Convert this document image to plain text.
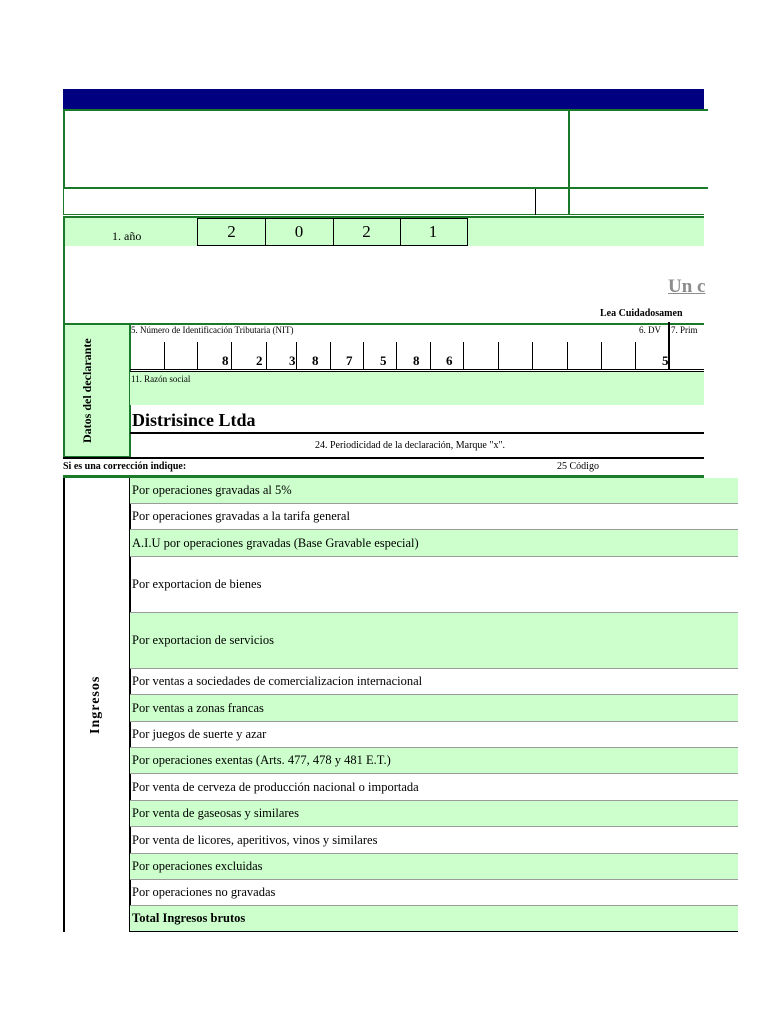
1. año	2	0	2	1
Un c
Lea Cuidadosamen
Datos del declarante
5. Número de Identificación Tributaria (NIT)	6. DV 7. Prim
8 2 3 8 7 5 8 6	5
11. Razón social
Distrisince Ltda
24. Periodicidad de la declaración, Marque "x".
Si es una corrección indique:	25 Código
Ingresos
Por operaciones gravadas al 5%
Por operaciones gravadas a la tarifa general
A.I.U por operaciones gravadas (Base Gravable especial)
Por exportacion de bienes
Por exportacion de servicios
Por ventas a sociedades de comercializacion internacional
Por ventas a zonas francas
Por juegos de suerte y azar
Por operaciones exentas (Arts. 477, 478 y 481 E.T.)
Por venta de cerveza de producción nacional o importada
Por venta de gaseosas y similares
Por venta de licores, aperitivos, vinos y similares
Por operaciones excluidas
Por operaciones no gravadas
Total Ingresos brutos
